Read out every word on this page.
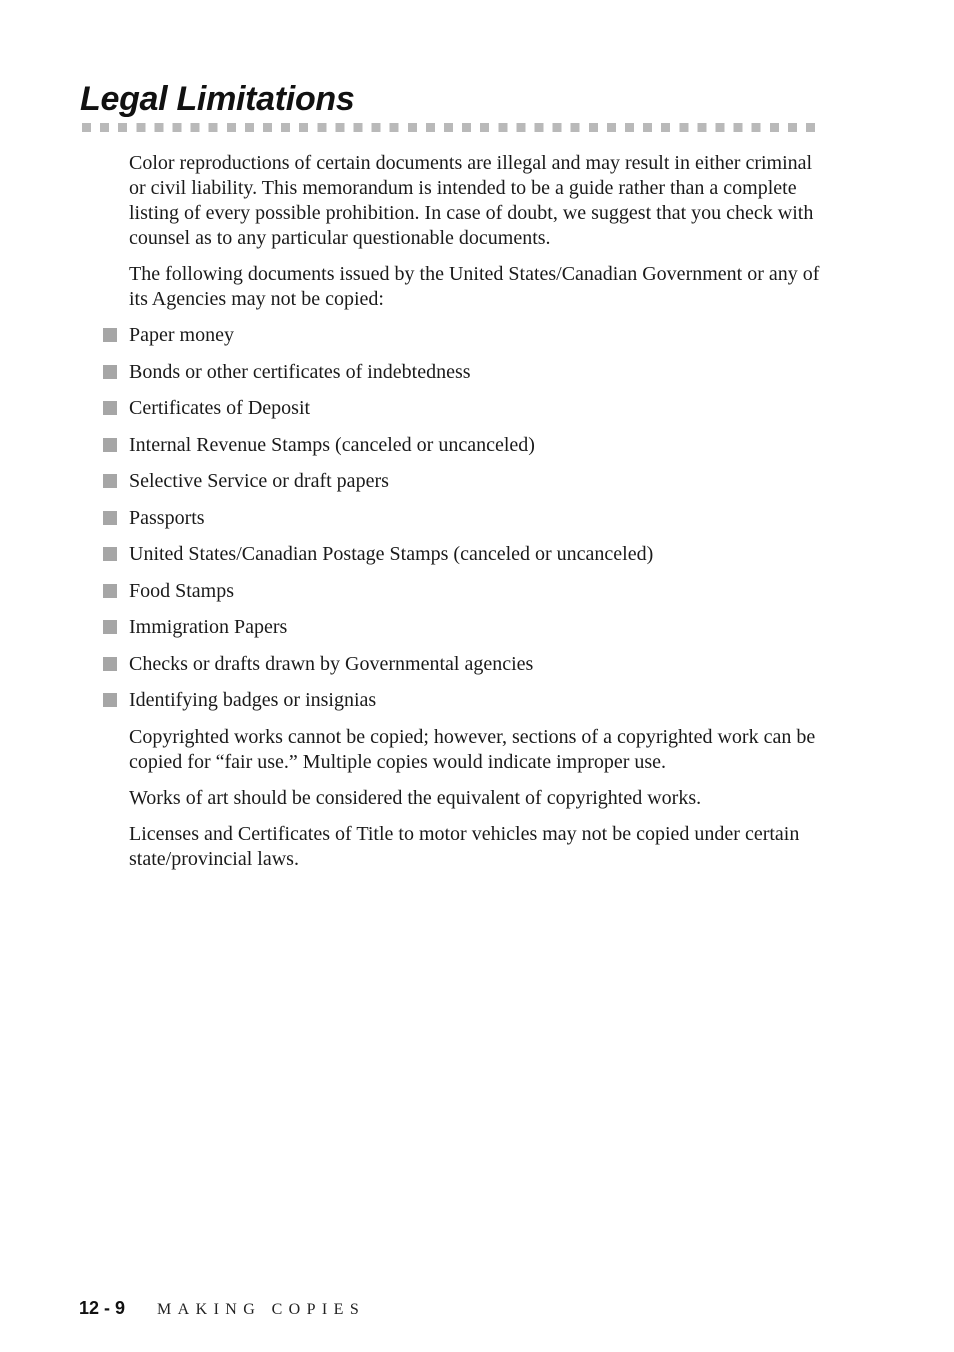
Legal Limitations

Color reproductions of certain documents are illegal and may result in either criminal or civil liability. This memorandum is intended to be a guide rather than a complete listing of every possible prohibition. In case of doubt, we suggest that you check with counsel as to any particular questionable documents.

The following documents issued by the United States/Canadian Government or any of its Agencies may not be copied:

Paper money
Bonds or other certificates of indebtedness
Certificates of Deposit
Internal Revenue Stamps (canceled or uncanceled)
Selective Service or draft papers
Passports
United States/Canadian Postage Stamps (canceled or uncanceled)
Food Stamps
Immigration Papers
Checks or drafts drawn by Governmental agencies
Identifying badges or insignias

Copyrighted works cannot be copied; however, sections of a copyrighted work can be copied for “fair use.” Multiple copies would indicate improper use.

Works of art should be considered the equivalent of copyrighted works.

Licenses and Certificates of Title to motor vehicles may not be copied under certain state/provincial laws.

12 - 9 MAKING COPIES
